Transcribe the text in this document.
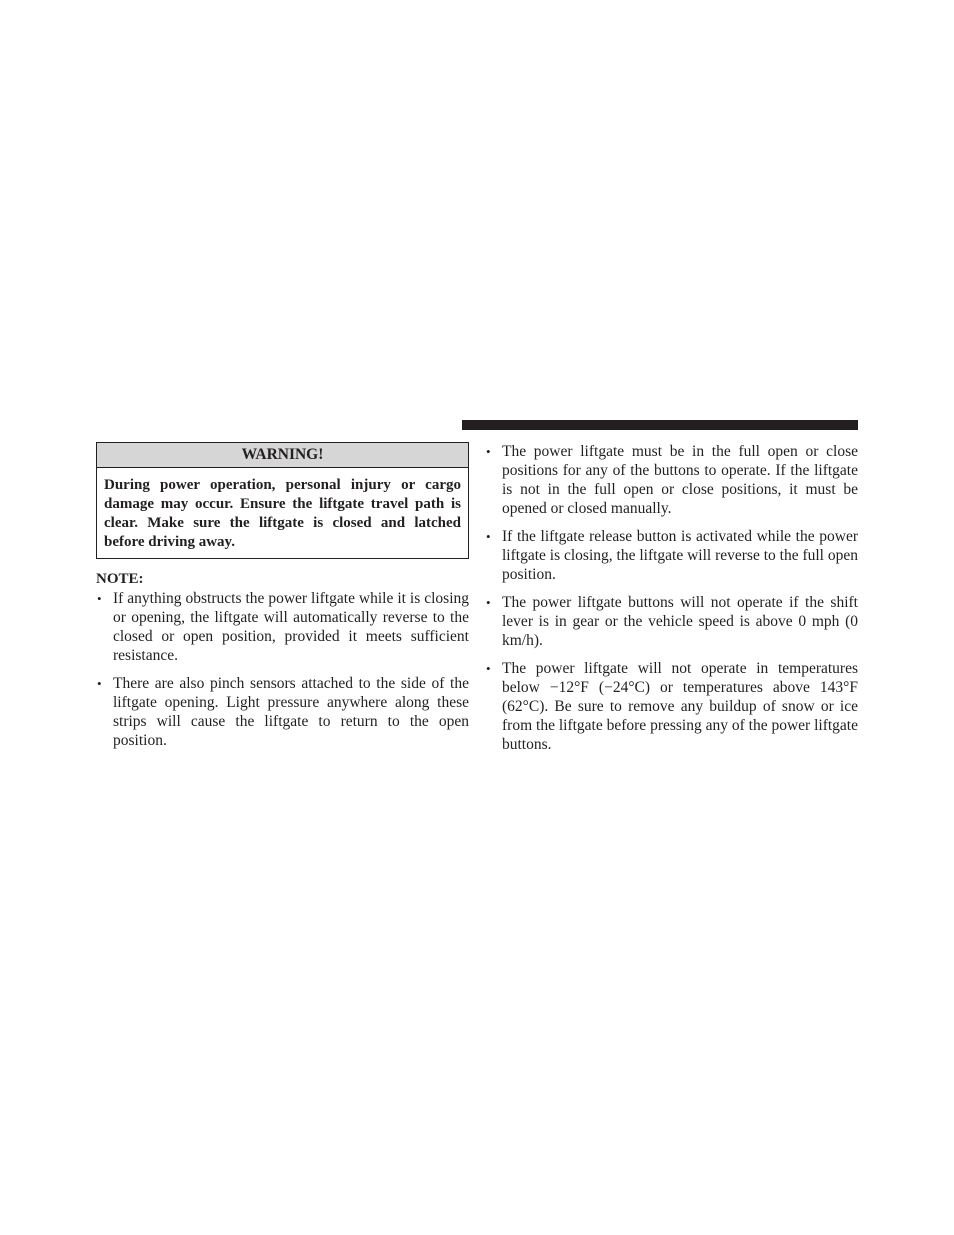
WARNING!
During power operation, personal injury or cargo damage may occur. Ensure the liftgate travel path is clear. Make sure the liftgate is closed and latched before driving away.
NOTE:
• If anything obstructs the power liftgate while it is closing or opening, the liftgate will automatically reverse to the closed or open position, provided it meets sufficient resistance.
• There are also pinch sensors attached to the side of the liftgate opening. Light pressure anywhere along these strips will cause the liftgate to return to the open position.
• The power liftgate must be in the full open or close positions for any of the buttons to operate. If the liftgate is not in the full open or close positions, it must be opened or closed manually.
• If the liftgate release button is activated while the power liftgate is closing, the liftgate will reverse to the full open position.
• The power liftgate buttons will not operate if the shift lever is in gear or the vehicle speed is above 0 mph (0 km/h).
• The power liftgate will not operate in temperatures below −12°F (−24°C) or temperatures above 143°F (62°C). Be sure to remove any buildup of snow or ice from the liftgate before pressing any of the power liftgate buttons.
